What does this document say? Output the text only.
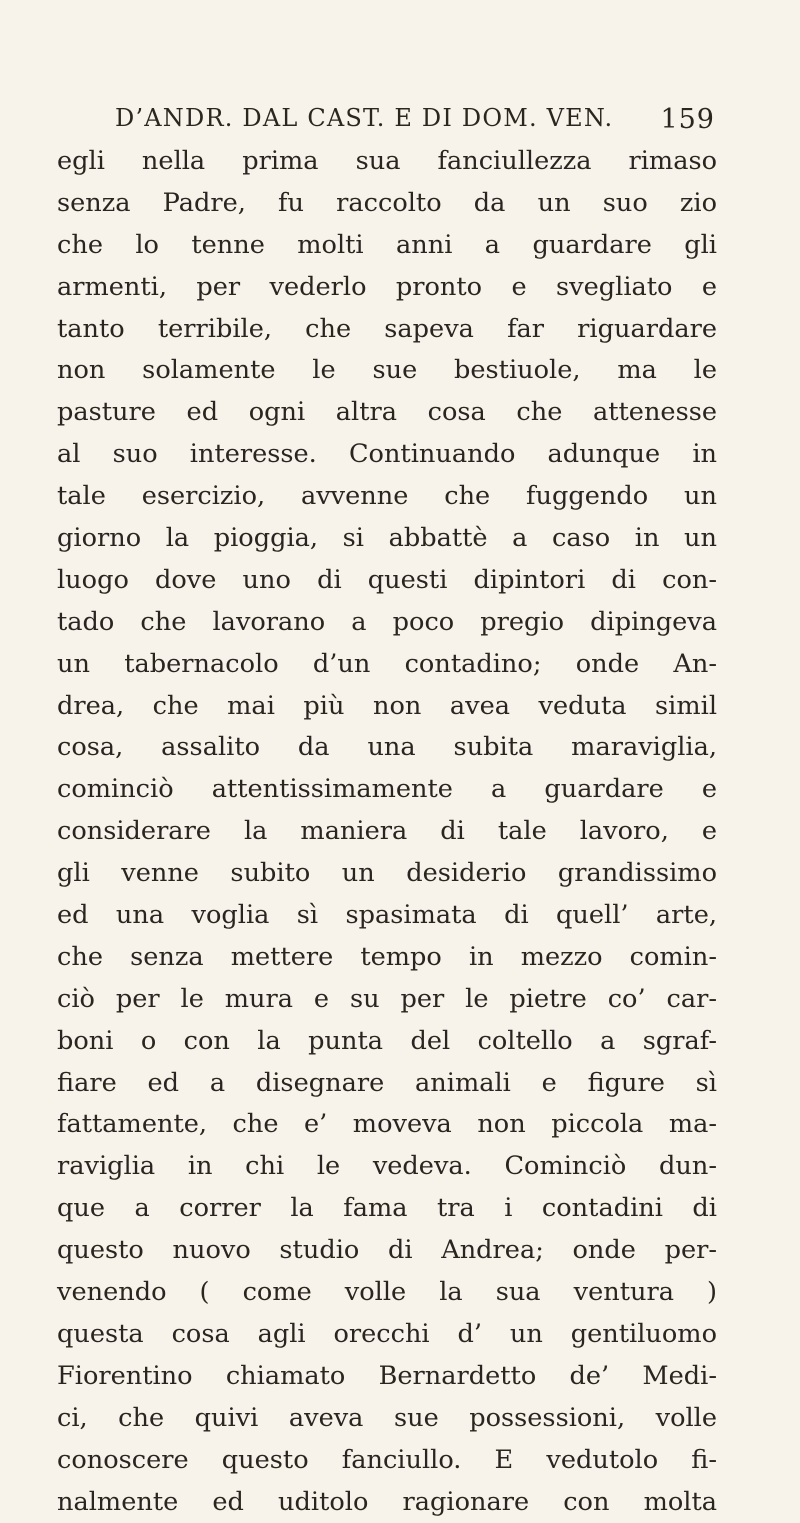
D’ANDR. DAL CAST. E DI DOM. VEN. 159
egli nella prima sua fanciullezza rimaso
senza Padre, fu raccolto da un suo zio
che lo tenne molti anni a guardare gli
armenti, per vederlo pronto e svegliato e
tanto terribile, che sapeva far riguardare
non solamente le sue bestiuole, ma le
pasture ed ogni altra cosa che attenesse
al suo interesse. Continuando adunque in
tale esercizio, avvenne che fuggendo un
giorno la pioggia, si abbattè a caso in un
luogo dove uno di questi dipintori di con-
tado che lavorano a poco pregio dipingeva
un tabernacolo d’un contadino; onde An-
drea, che mai più non avea veduta simil
cosa, assalito da una subita maraviglia,
cominciò attentissimamente a guardare e
considerare la maniera di tale lavoro, e
gli venne subito un desiderio grandissimo
ed una voglia sì spasimata di quell’ arte,
che senza mettere tempo in mezzo comin-
ciò per le mura e su per le pietre co’ car-
boni o con la punta del coltello a sgraf-
fiare ed a disegnare animali e figure sì
fattamente, che e’ moveva non piccola ma-
raviglia in chi le vedeva. Cominciò dun-
que a correr la fama tra i contadini di
questo nuovo studio di Andrea; onde per-
venendo ( come volle la sua ventura )
questa cosa agli orecchi d’ un gentiluomo
Fiorentino chiamato Bernardetto de’ Medi-
ci, che quivi aveva sue possessioni, volle
conoscere questo fanciullo. E vedutolo fi-
nalmente ed uditolo ragionare con molta
